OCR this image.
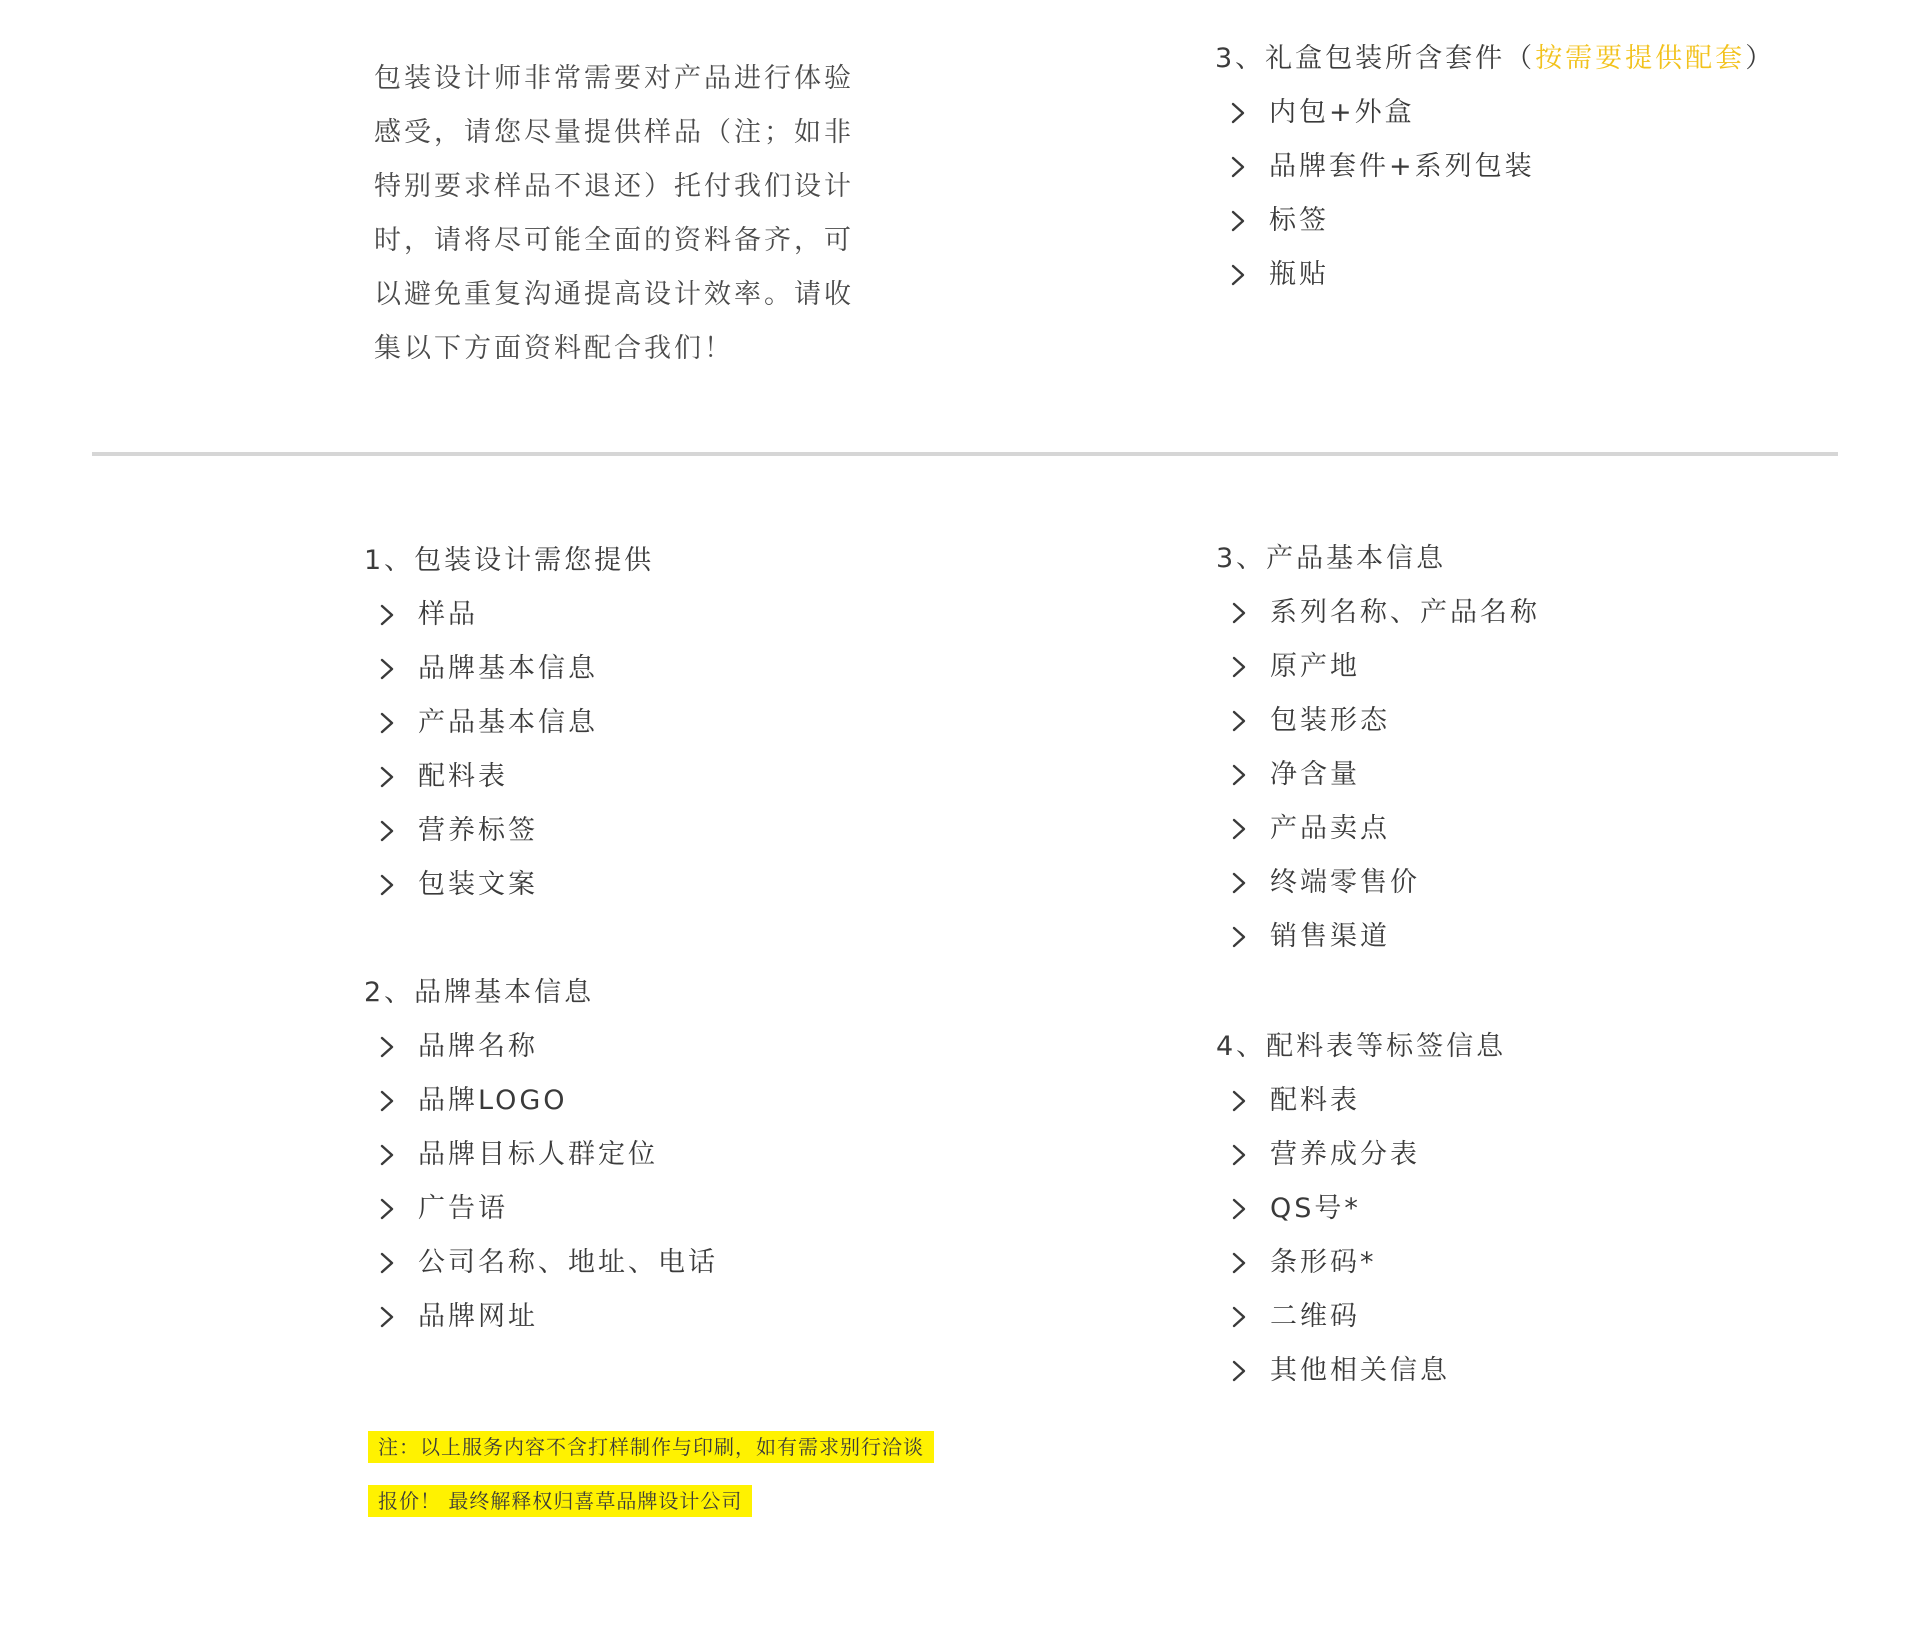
包装设计师非常需要对产品进行体验
感受，请您尽量提供样品（注；如非
特别要求样品不退还）托付我们设计
时，请将尽可能全面的资料备齐，可
以避免重复沟通提高设计效率。请收
集以下方面资料配合我们！
3、礼盒包装所含套件（按需要提供配套）
内包+外盒
品牌套件+系列包装
标签
瓶贴
1、包装设计需您提供
样品
品牌基本信息
产品基本信息
配料表
营养标签
包装文案
2、品牌基本信息
品牌名称
品牌LOGO
品牌目标人群定位
广告语
公司名称、地址、电话
品牌网址
3、产品基本信息
系列名称、产品名称
原产地
包装形态
净含量
产品卖点
终端零售价
销售渠道
4、配料表等标签信息
配料表
营养成分表
QS号*
条形码*
二维码
其他相关信息
注：以上服务内容不含打样制作与印刷，如有需求别行洽谈
报价！ 最终解释权归喜草品牌设计公司
